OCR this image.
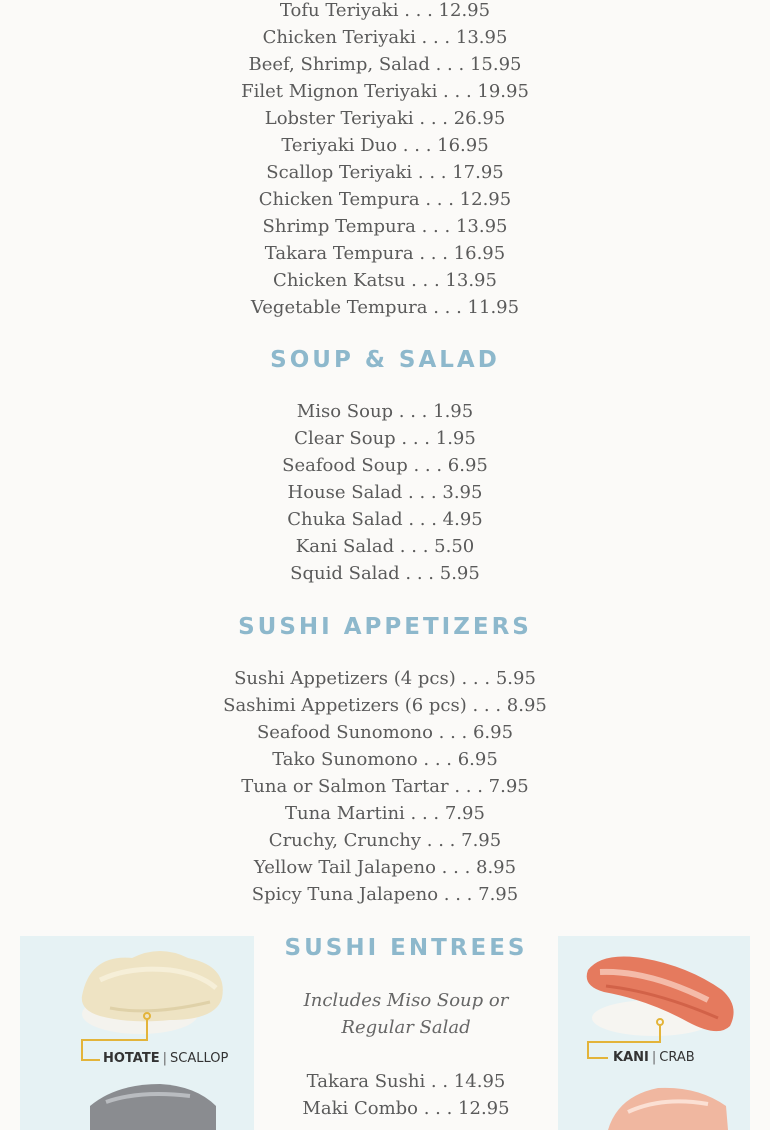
Tofu Teriyaki . . . 12.95
Chicken Teriyaki . . . 13.95
Beef, Shrimp, Salad . . . 15.95
Filet Mignon Teriyaki . . . 19.95
Lobster Teriyaki . . . 26.95
Teriyaki Duo . . . 16.95
Scallop Teriyaki . . . 17.95
Chicken Tempura . . . 12.95
Shrimp Tempura . . . 13.95
Takara Tempura . . . 16.95
Chicken Katsu . . . 13.95
Vegetable Tempura . . . 11.95
SOUP & SALAD
Miso Soup . . . 1.95
Clear Soup . . . 1.95
Seafood Soup . . . 6.95
House Salad . . . 3.95
Chuka Salad . . . 4.95
Kani Salad . . . 5.50
Squid Salad . . . 5.95
SUSHI APPETIZERS
Sushi Appetizers (4 pcs) . . . 5.95
Sashimi Appetizers (6 pcs) . . . 8.95
Seafood Sunomono . . . 6.95
Tako Sunomono . . . 6.95
Tuna or Salmon Tartar . . . 7.95
Tuna Martini . . . 7.95
Cruchy, Crunchy . . . 7.95
Yellow Tail Jalapeno . . . 8.95
Spicy Tuna Jalapeno . . . 7.95
HOTATE | SCALLOP	KANI | CRAB
SUSHI ENTREES
Includes Miso Soup or
Regular Salad
Takara Sushi . . 14.95
Maki Combo . . . 12.95
